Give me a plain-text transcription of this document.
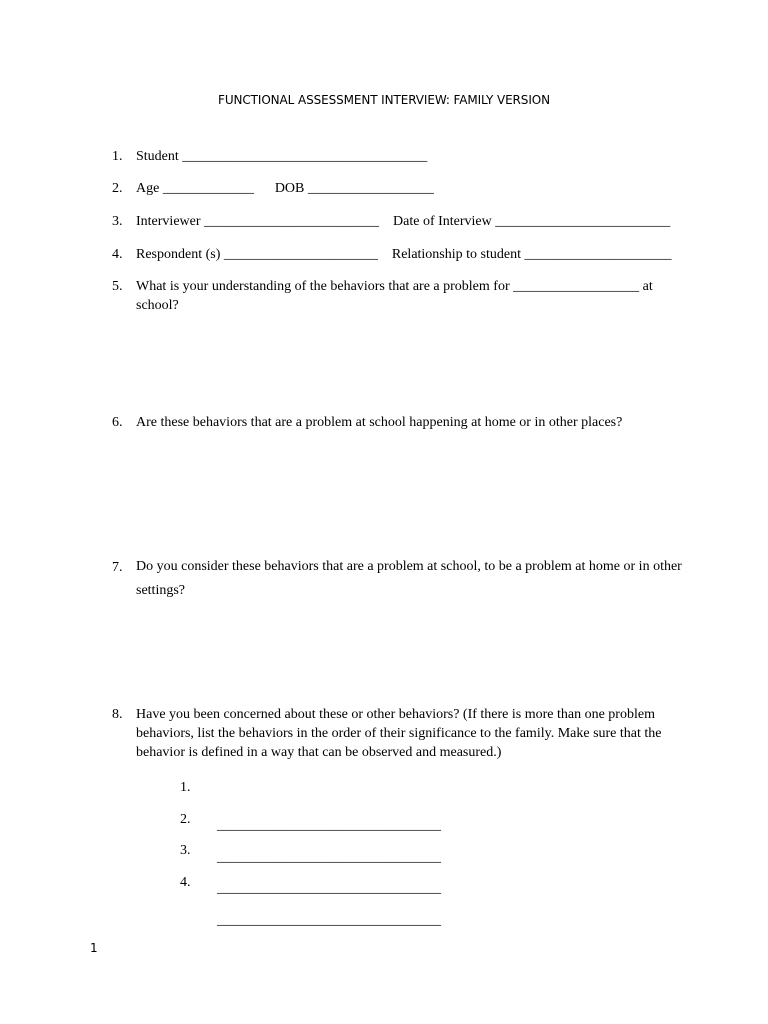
FUNCTIONAL ASSESSMENT INTERVIEW: FAMILY VERSION
1. Student ___________________________________
2. Age _____________      DOB __________________
3. Interviewer _________________________    Date of Interview _________________________
4. Respondent (s) ______________________    Relationship to student _____________________
5. What is your understanding of the behaviors that are a problem for __________________ at school?
6. Are these behaviors that are a problem at school happening at home or in other places?
7. Do you consider these behaviors that are a problem at school, to be a problem at home or in other settings?
8. Have you been concerned about these or other behaviors? (If there is more than one problem behaviors, list the behaviors in the order of their significance to the family. Make sure that the behavior is defined in a way that can be observed and measured.)

1.

________________________________

2.

________________________________

3.

________________________________

4.

________________________________

1
